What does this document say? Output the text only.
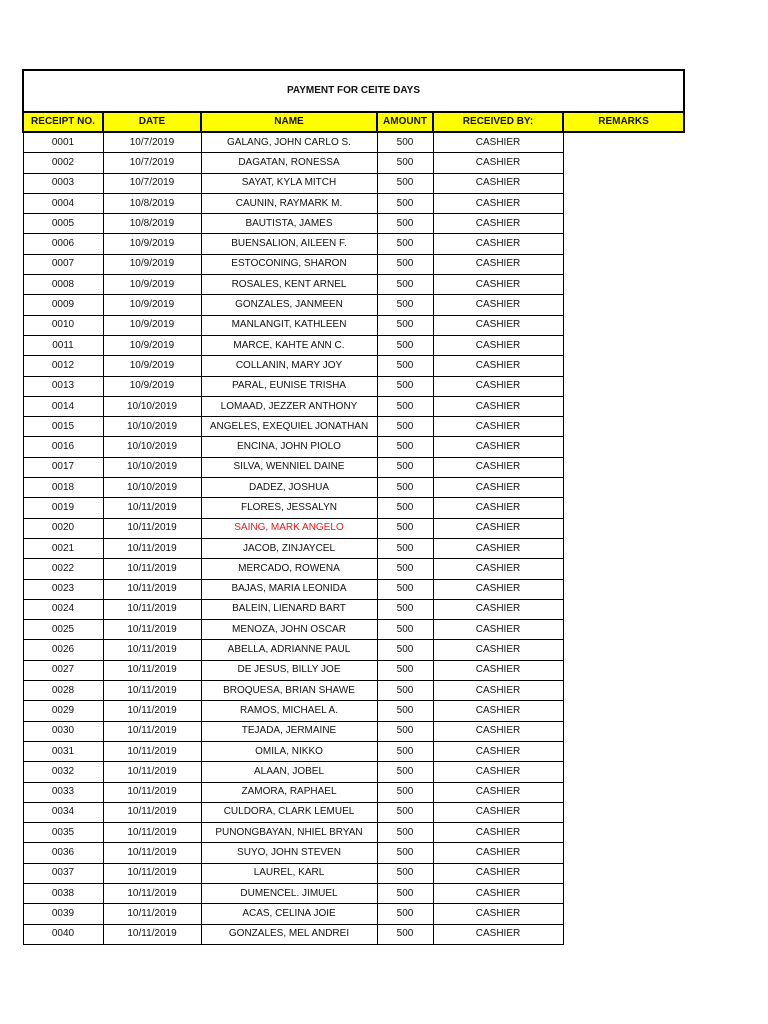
PAYMENT FOR CEITE DAYS					
RECEIPT NO.	DATE	NAME	AMOUNT	RECEIVED BY:	REMARKS
0001	10/7/2019	GALANG, JOHN CARLO S.	500	CASHIER	
0002	10/7/2019	DAGATAN, RONESSA	500	CASHIER	
0003	10/7/2019	SAYAT, KYLA MITCH	500	CASHIER	
0004	10/8/2019	CAUNIN, RAYMARK M.	500	CASHIER	
0005	10/8/2019	BAUTISTA, JAMES	500	CASHIER	
0006	10/9/2019	BUENSALION, AILEEN F.	500	CASHIER	
0007	10/9/2019	ESTOCONING, SHARON	500	CASHIER	
0008	10/9/2019	ROSALES, KENT ARNEL	500	CASHIER	
0009	10/9/2019	GONZALES, JANMEEN	500	CASHIER	
0010	10/9/2019	MANLANGIT, KATHLEEN	500	CASHIER	
0011	10/9/2019	MARCE, KAHTE ANN C.	500	CASHIER	
0012	10/9/2019	COLLANIN, MARY JOY	500	CASHIER	
0013	10/9/2019	PARAL, EUNISE TRISHA	500	CASHIER	
0014	10/10/2019	LOMAAD, JEZZER ANTHONY	500	CASHIER	
0015	10/10/2019	ANGELES, EXEQUIEL JONATHAN	500	CASHIER	
0016	10/10/2019	ENCINA, JOHN PIOLO	500	CASHIER	
0017	10/10/2019	SILVA, WENNIEL DAINE	500	CASHIER	
0018	10/10/2019	DADEZ, JOSHUA	500	CASHIER	
0019	10/11/2019	FLORES, JESSALYN	500	CASHIER	
0020	10/11/2019	SAING, MARK ANGELO	500	CASHIER	
0021	10/11/2019	JACOB, ZINJAYCEL	500	CASHIER	
0022	10/11/2019	MERCADO, ROWENA	500	CASHIER	
0023	10/11/2019	BAJAS, MARIA LEONIDA	500	CASHIER	
0024	10/11/2019	BALEIN, LIENARD BART	500	CASHIER	
0025	10/11/2019	MENOZA, JOHN OSCAR	500	CASHIER	
0026	10/11/2019	ABELLA, ADRIANNE PAUL	500	CASHIER	
0027	10/11/2019	DE JESUS, BILLY JOE	500	CASHIER	
0028	10/11/2019	BROQUESA, BRIAN SHAWE	500	CASHIER	
0029	10/11/2019	RAMOS, MICHAEL A.	500	CASHIER	
0030	10/11/2019	TEJADA, JERMAINE	500	CASHIER	
0031	10/11/2019	OMILA, NIKKO	500	CASHIER	
0032	10/11/2019	ALAAN, JOBEL	500	CASHIER	
0033	10/11/2019	ZAMORA, RAPHAEL	500	CASHIER	
0034	10/11/2019	CULDORA, CLARK LEMUEL	500	CASHIER	
0035	10/11/2019	PUNONGBAYAN, NHIEL BRYAN	500	CASHIER	
0036	10/11/2019	SUYO, JOHN STEVEN	500	CASHIER	
0037	10/11/2019	LAUREL, KARL	500	CASHIER	
0038	10/11/2019	DUMENCEL. JIMUEL	500	CASHIER	
0039	10/11/2019	ACAS, CELINA JOIE	500	CASHIER	
0040	10/11/2019	GONZALES, MEL ANDREI	500	CASHIER	
